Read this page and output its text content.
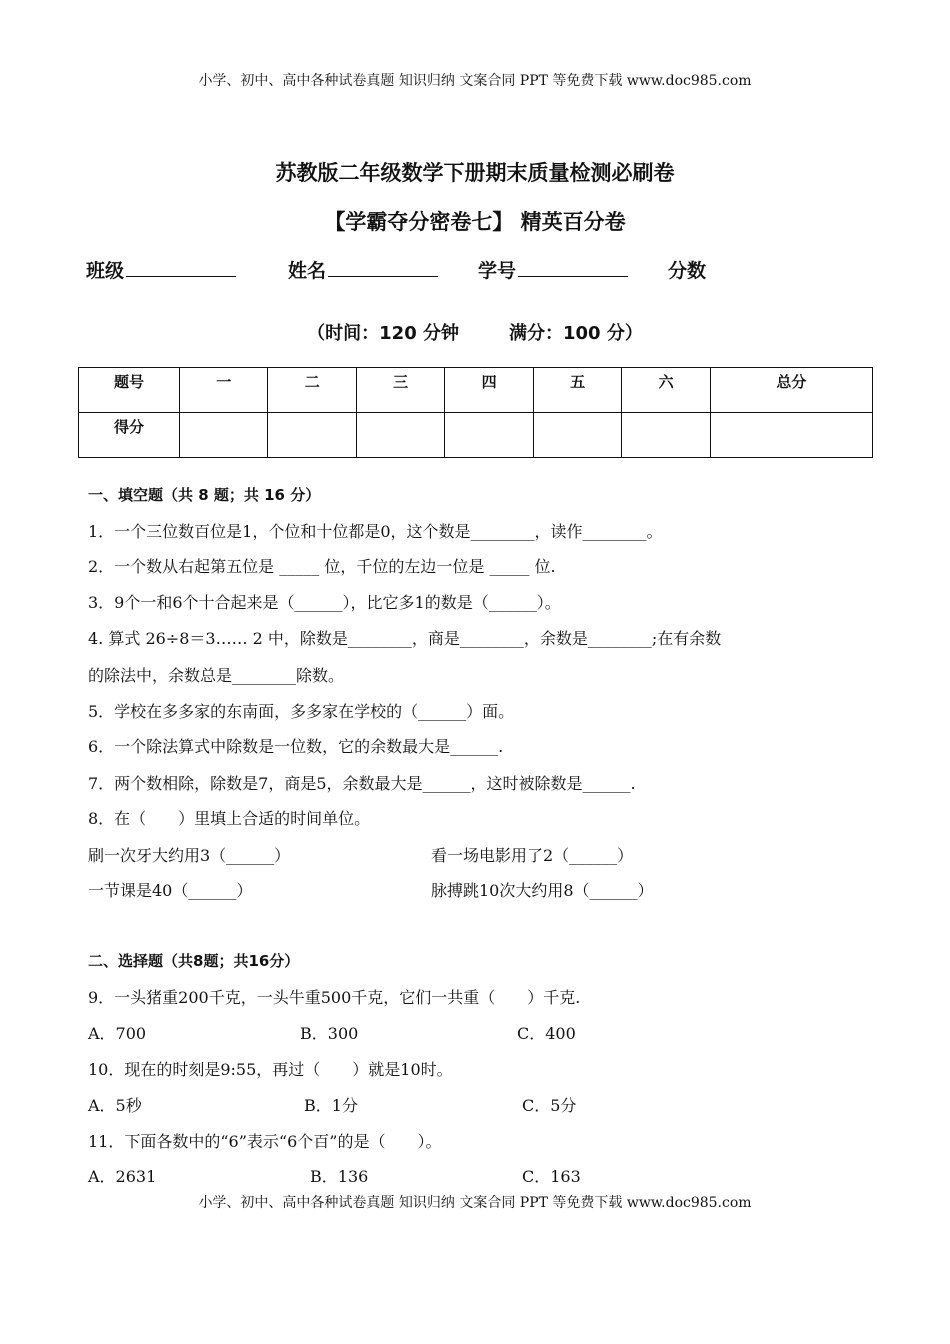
小学、初中、高中各种试卷真题 知识归纳 文案合同 PPT 等免费下载 www.doc985.com
苏教版二年级数学下册期末质量检测必刷卷
【学霸夺分密卷七】 精英百分卷
班级	姓名	学号	分数
（时间：120 分钟	满分：100 分）
题号	一	二	三	四	五	六	总分
得分							
一、填空题（共 8 题；共 16 分）
1．一个三位数百位是1，个位和十位都是0，这个数是________，读作________。
2．一个数从右起第五位是 _____ 位，千位的左边一位是 _____ 位.
3．9个一和6个十合起来是（______），比它多1的数是（______）。
4. 算式 26÷8＝3…… 2 中，除数是________，商是________，余数是________;在有余数
的除法中，余数总是________除数。
5．学校在多多家的东南面，多多家在学校的（______）面。
6．一个除法算式中除数是一位数，它的余数最大是______.
7．两个数相除，除数是7，商是5，余数最大是______，这时被除数是______.
8．在（　　）里填上合适的时间单位。
刷一次牙大约用3（______）	看一场电影用了2（______）
一节课是40（______）	脉搏跳10次大约用8（______）
二、选择题（共8题；共16分）
9．一头猪重200千克，一头牛重500千克，它们一共重（　　）千克.
A．700	B．300	C．400
10．现在的时刻是9:55，再过（　　）就是10时。
A．5秒	B．1分	C．5分
11．下面各数中的“6”表示“6个百”的是（　　）。
A．2631	B．136	C．163
小学、初中、高中各种试卷真题 知识归纳 文案合同 PPT 等免费下载 www.doc985.com
